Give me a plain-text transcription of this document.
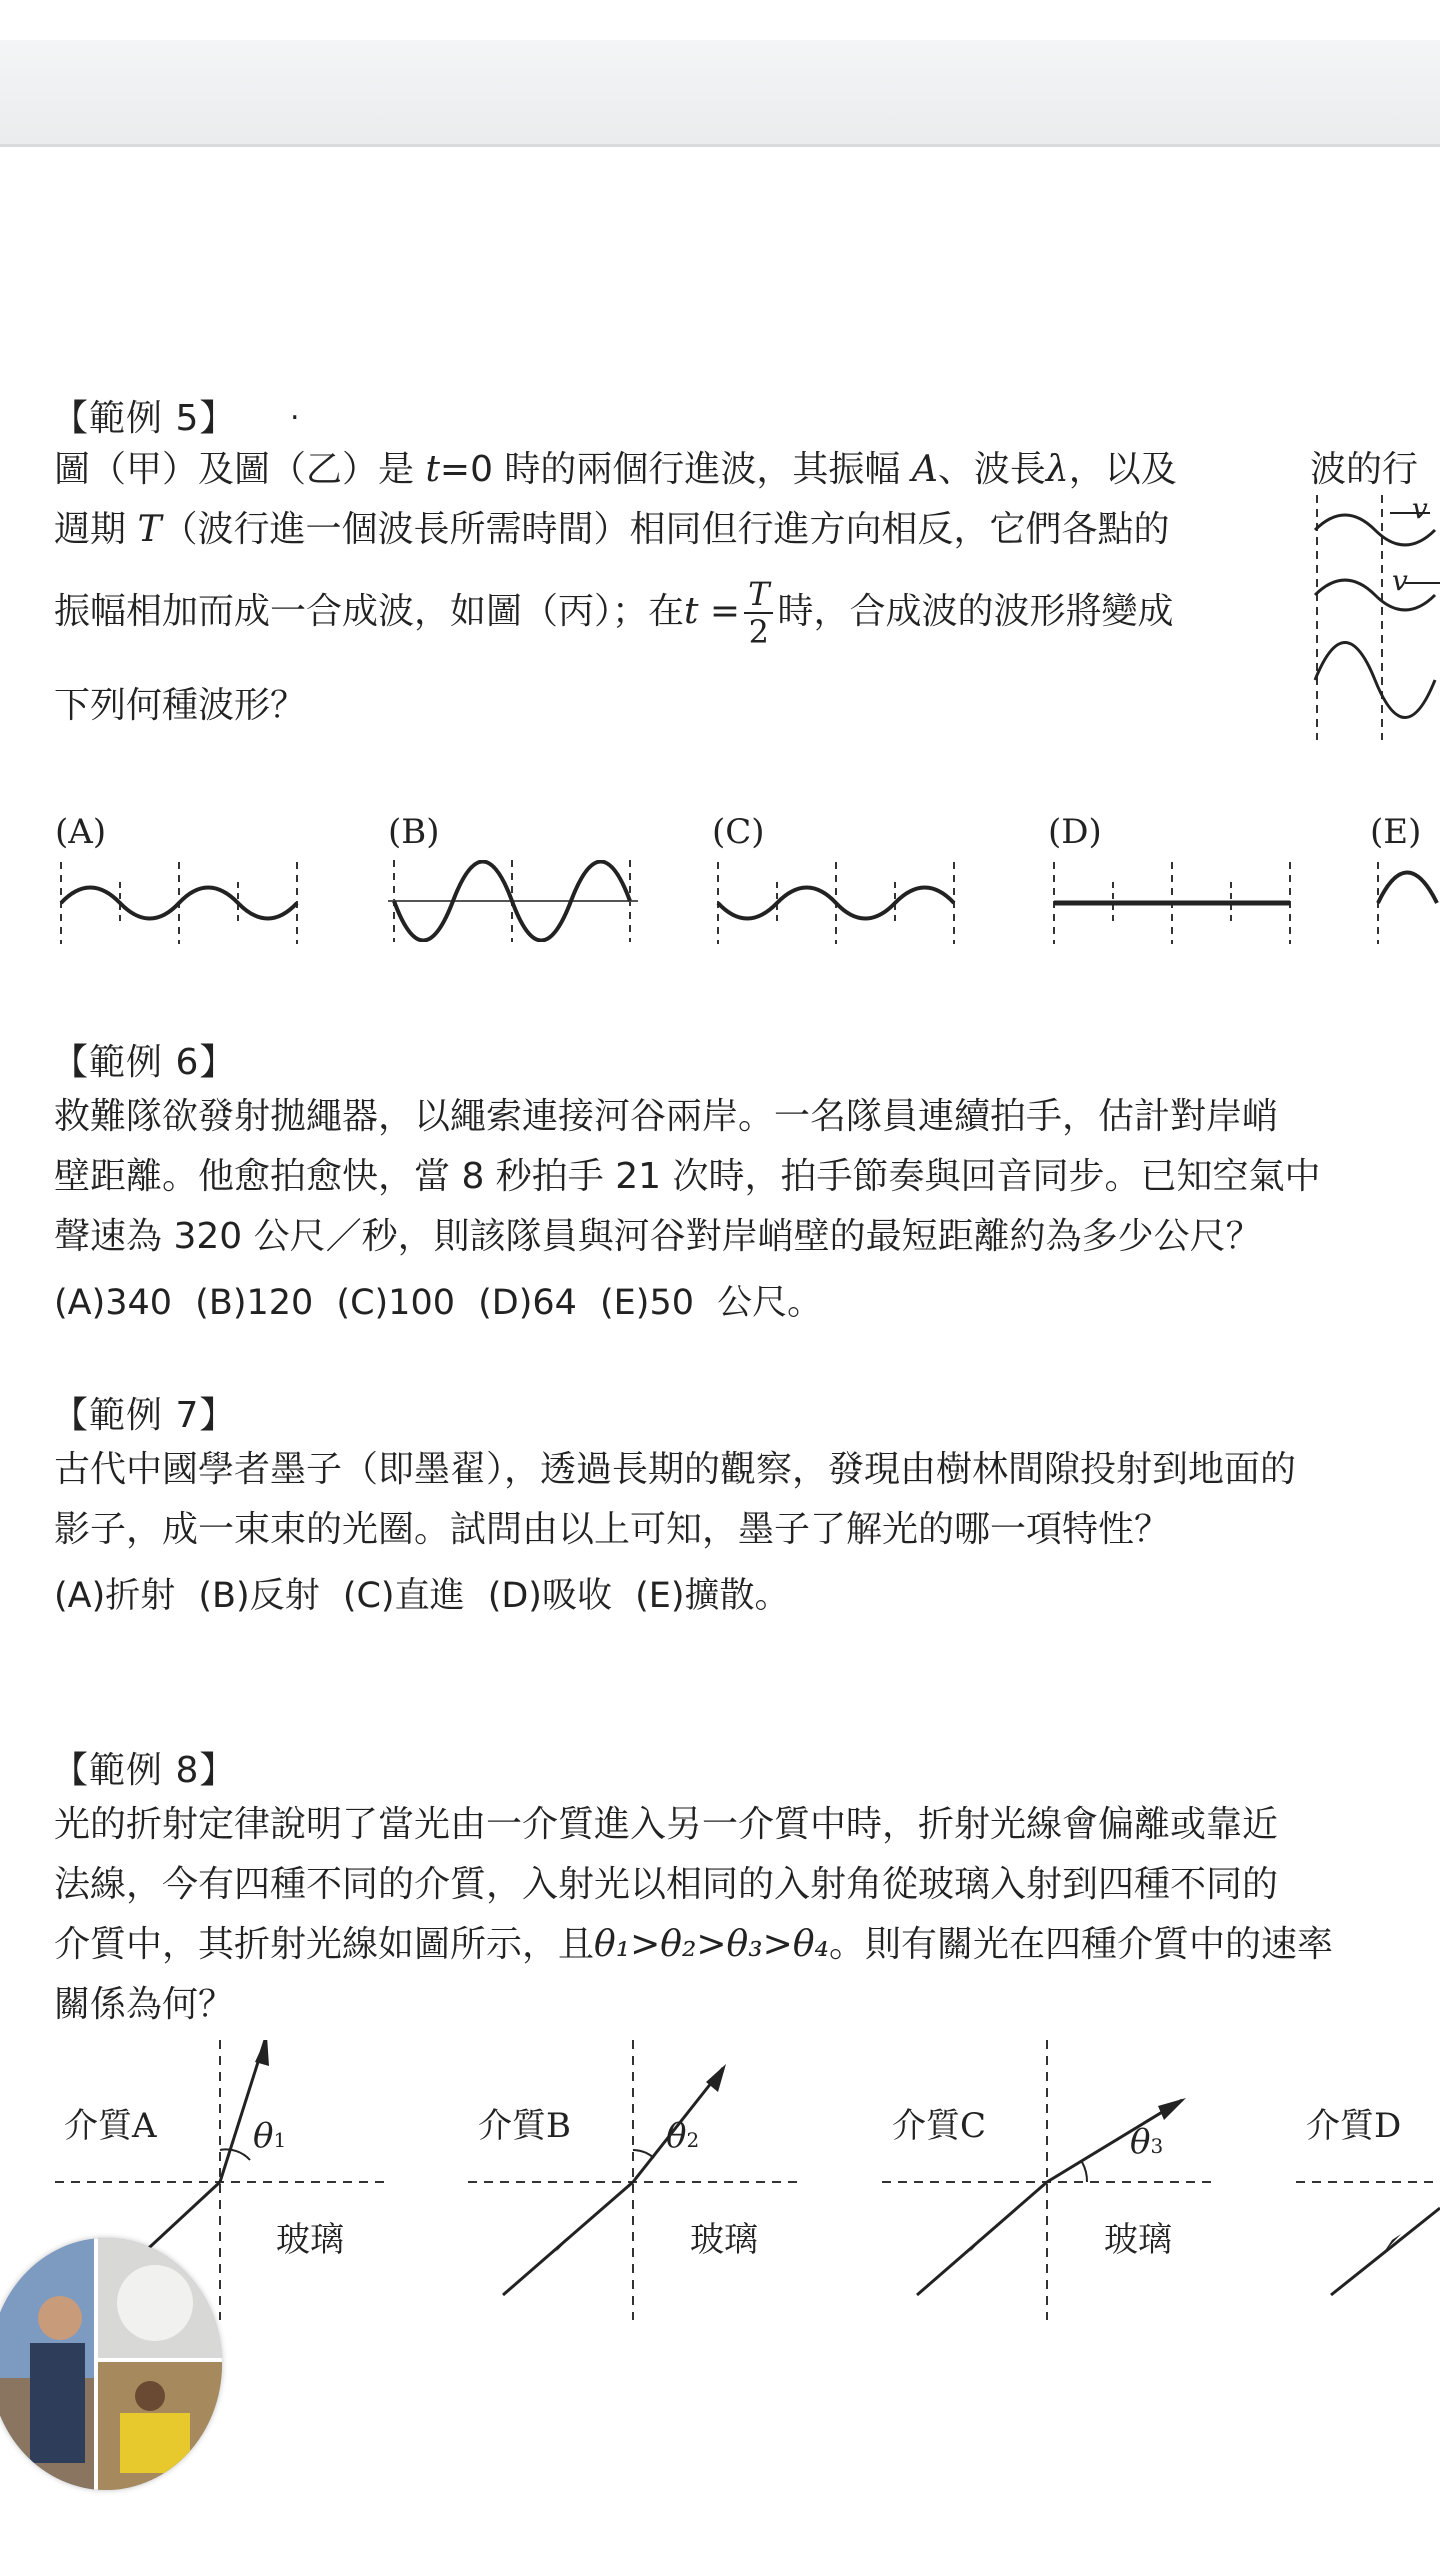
【範例 5】 .
圖（甲）及圖（乙）是 t=0 時的兩個行進波，其振幅 A、波長λ，以及
週期 T（波行進一個波長所需時間）相同但行進方向相反，它們各點的
振幅相加而成一合成波，如圖（丙）；在$t = \frac{T}{2}$ 時，合成波的波形將變成
下列何種波形？
波的行
v
v
(A)	(B)	(C)	(D)	(E)
【範例 6】
救難隊欲發射拋繩器，以繩索連接河谷兩岸。一名隊員連續拍手，估計對岸峭
壁距離。他愈拍愈快，當 8 秒拍手 21 次時，拍手節奏與回音同步。已知空氣中
聲速為 320 公尺／秒，則該隊員與河谷對岸峭壁的最短距離約為多少公尺？
(A)340 (B)120 (C)100 (D)64 (E)50 公尺。
【範例 7】
古代中國學者墨子（即墨翟），透過長期的觀察，發現由樹林間隙投射到地面的
影子，成一束束的光圈。試問由以上可知，墨子了解光的哪一項特性？
(A)折射 (B)反射 (C)直進 (D)吸收 (E)擴散。
【範例 8】
光的折射定律說明了當光由一介質進入另一介質中時，折射光線會偏離或靠近
法線，今有四種不同的介質，入射光以相同的入射角從玻璃入射到四種不同的
介質中，其折射光線如圖所示，且θ₁>θ₂>θ₃>θ₄。則有關光在四種介質中的速率
關係為何？
介質A
玻璃
θ1	介質B
玻璃
θ2	介質C
玻璃
θ3	介質D
